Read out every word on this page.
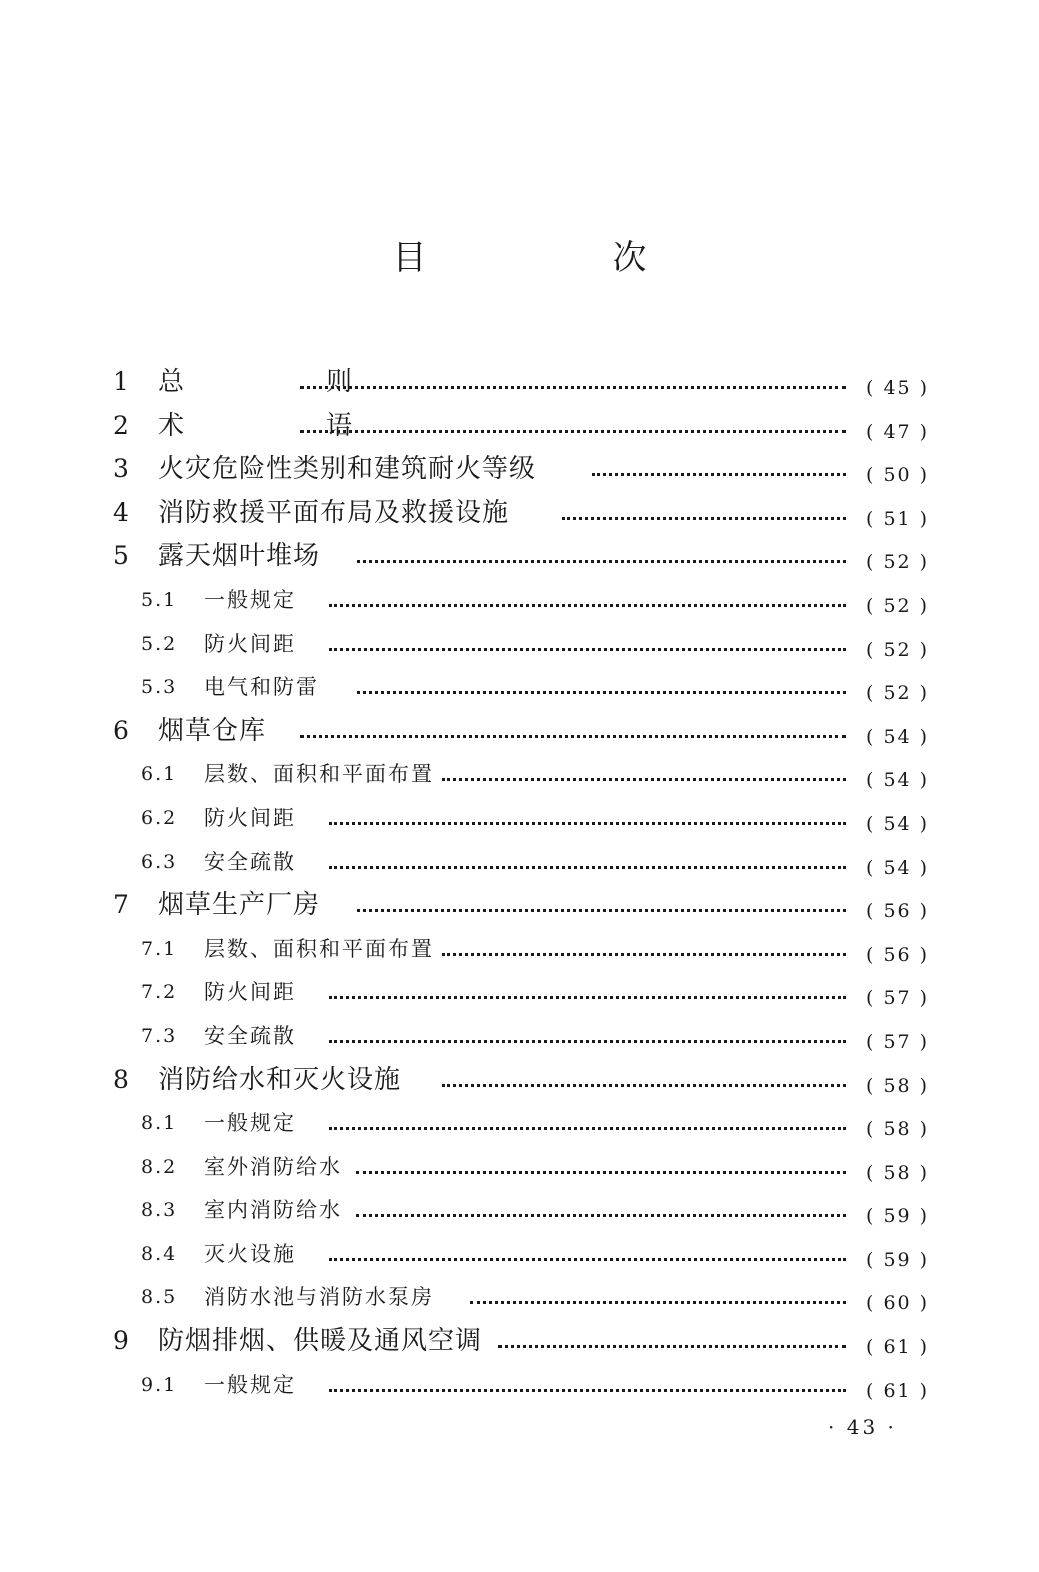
目　次
1 总　则	( 45 )
2 术　语	( 47 )
3 火灾危险性类别和建筑耐火等级	( 50 )
4 消防救援平面布局及救援设施	( 51 )
5 露天烟叶堆场	( 52 )
5.1 一般规定	( 52 )
5.2 防火间距	( 52 )
5.3 电气和防雷	( 52 )
6 烟草仓库	( 54 )
6.1 层数、面积和平面布置	( 54 )
6.2 防火间距	( 54 )
6.3 安全疏散	( 54 )
7 烟草生产厂房	( 56 )
7.1 层数、面积和平面布置	( 56 )
7.2 防火间距	( 57 )
7.3 安全疏散	( 57 )
8 消防给水和灭火设施	( 58 )
8.1 一般规定	( 58 )
8.2 室外消防给水	( 58 )
8.3 室内消防给水	( 59 )
8.4 灭火设施	( 59 )
8.5 消防水池与消防水泵房	( 60 )
9 防烟排烟、供暖及通风空调	( 61 )
9.1 一般规定	( 61 )
· 43 ·
